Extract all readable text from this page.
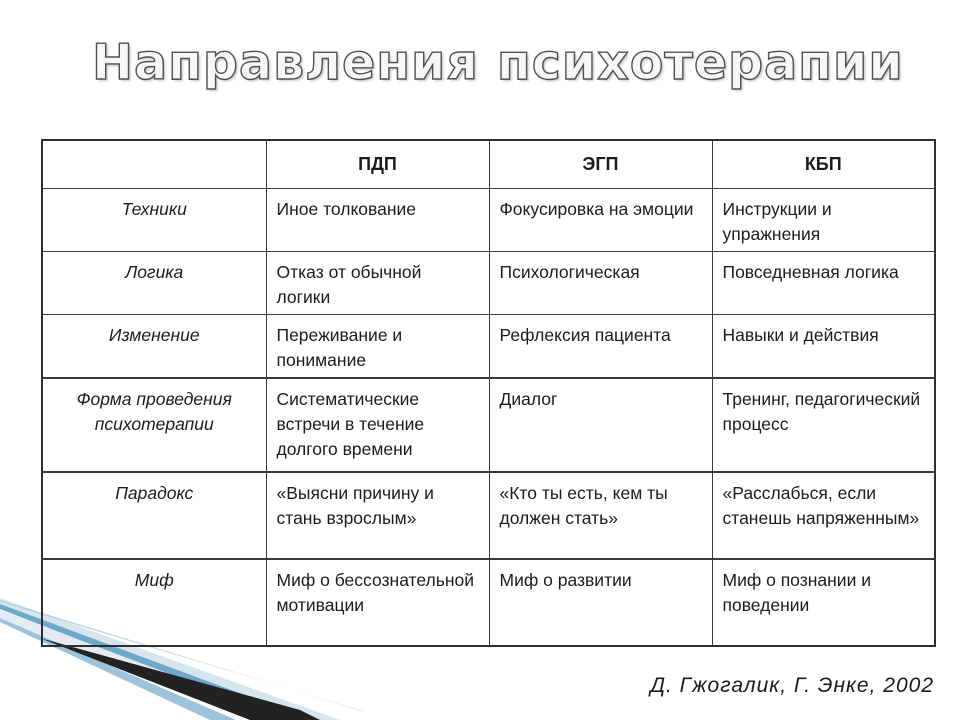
Направления психотерапии
	ПДП	ЭГП	КБП
Техники	Иное толкование	Фокусировка на эмоции	Инструкции и упражнения
Логика	Отказ от обычной логики	Психологическая	Повседневная логика
Изменение	Переживание и понимание	Рефлексия пациента	Навыки и действия
Форма проведения психотерапии	Систематические встречи в течение долгого времени	Диалог	Тренинг, педагогический процесс
Парадокс	«Выясни причину и стань взрослым»	«Кто ты есть, кем ты должен стать»	«Расслабься, если станешь напряженным»
Миф	Миф о бессознательной мотивации	Миф о развитии	Миф о познании и поведении
Д. Гжогалик, Г. Энке, 2002
